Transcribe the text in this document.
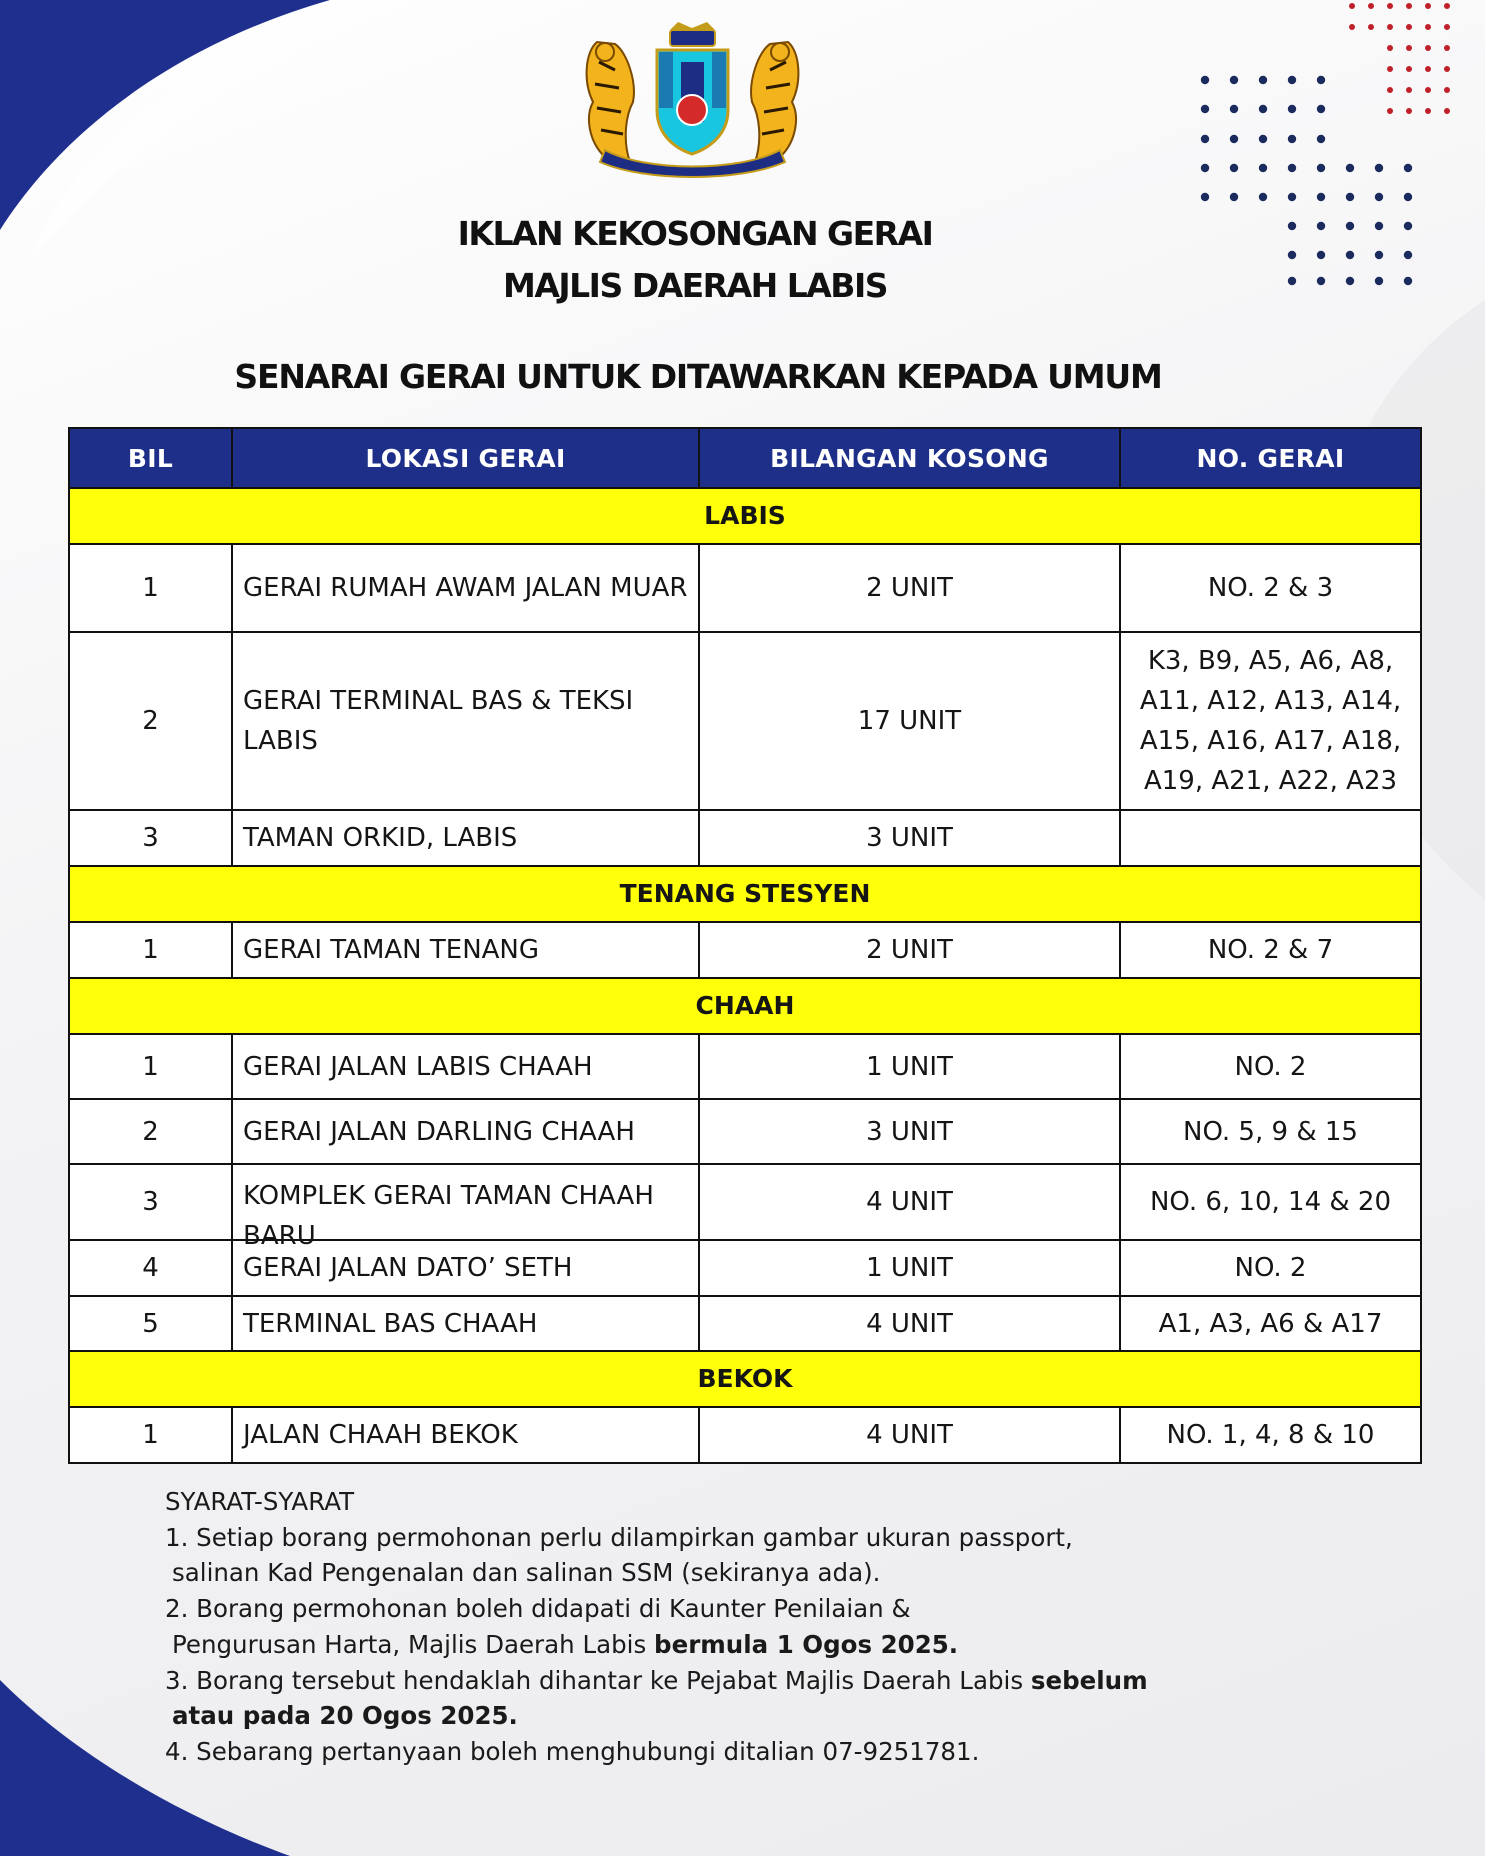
IKLAN KEKOSONGAN GERAI
MAJLIS DAERAH LABIS
SENARAI GERAI UNTUK DITAWARKAN KEPADA UMUM
BIL	LOKASI GERAI	BILANGAN KOSONG	NO. GERAI
LABIS			
1	GERAI RUMAH AWAM JALAN MUAR	2 UNIT	NO. 2 & 3
2	GERAI TERMINAL BAS & TEKSI LABIS	17 UNIT	K3, B9, A5, A6, A8, A11, A12, A13, A14, A15, A16, A17, A18, A19, A21, A22, A23
3	TAMAN ORKID, LABIS	3 UNIT	
TENANG STESYEN			
1	GERAI TAMAN TENANG	2 UNIT	NO. 2 & 7
CHAAH			
1	GERAI JALAN LABIS CHAAH	1 UNIT	NO. 2
2	GERAI JALAN DARLING CHAAH	3 UNIT	NO. 5, 9 & 15
3	KOMPLEK GERAI TAMAN CHAAH BARU	4 UNIT	NO. 6, 10, 14 & 20
4	GERAI JALAN DATO’ SETH	1 UNIT	NO. 2
5	TERMINAL BAS CHAAH	4 UNIT	A1, A3, A6 & A17
BEKOK			
1	JALAN CHAAH BEKOK	4 UNIT	NO. 1, 4, 8 & 10
SYARAT-SYARAT
1. Setiap borang permohonan perlu dilampirkan gambar ukuran passport,
salinan Kad Pengenalan dan salinan SSM (sekiranya ada).
2. Borang permohonan boleh didapati di Kaunter Penilaian &
Pengurusan Harta, Majlis Daerah Labis bermula 1 Ogos 2025.
3. Borang tersebut hendaklah dihantar ke Pejabat Majlis Daerah Labis sebelum
atau pada 20 Ogos 2025.
4. Sebarang pertanyaan boleh menghubungi ditalian 07-9251781.
